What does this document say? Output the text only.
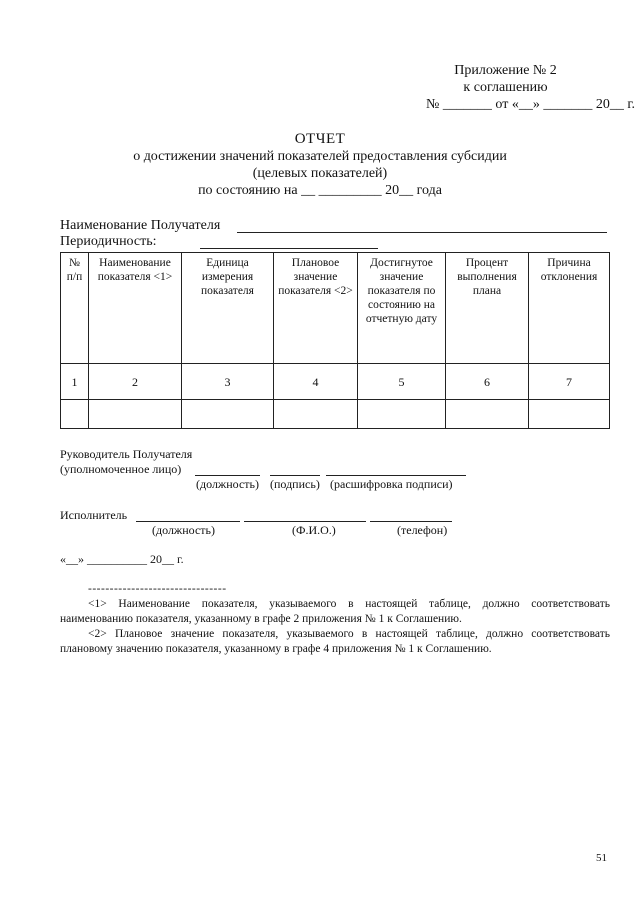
Приложение № 2
к соглашению
№ _______ от «__» _______ 20__ г.
ОТЧЕТ
о достижении значений показателей предоставления субсидии
(целевых показателей)
по состоянию на __ _________ 20__ года
Наименование Получателя
Периодичность:
№ п/п	Наименование показателя <1>	Единица измерения показателя	Плановое значение показателя <2>	Достигнутое значение показателя по состоянию на отчетную дату	Процент выполнения плана	Причина отклонения
1	2	3	4	5	6	7

Руководитель Получателя
(уполномоченное лицо)
(должность) (подпись) (расшифровка подписи)
Исполнитель
(должность)	(Ф.И.О.)	(телефон)
«__» __________ 20__ г.
--------------------------------

<1> Наименование показателя, указываемого в настоящей таблице, должно соответствовать наименованию показателя, указанному в графе 2 приложения № 1 к Соглашению.

<2> Плановое значение показателя, указываемого в настоящей таблице, должно соответствовать плановому значению показателя, указанному в графе 4 приложения № 1 к Соглашению.

51
